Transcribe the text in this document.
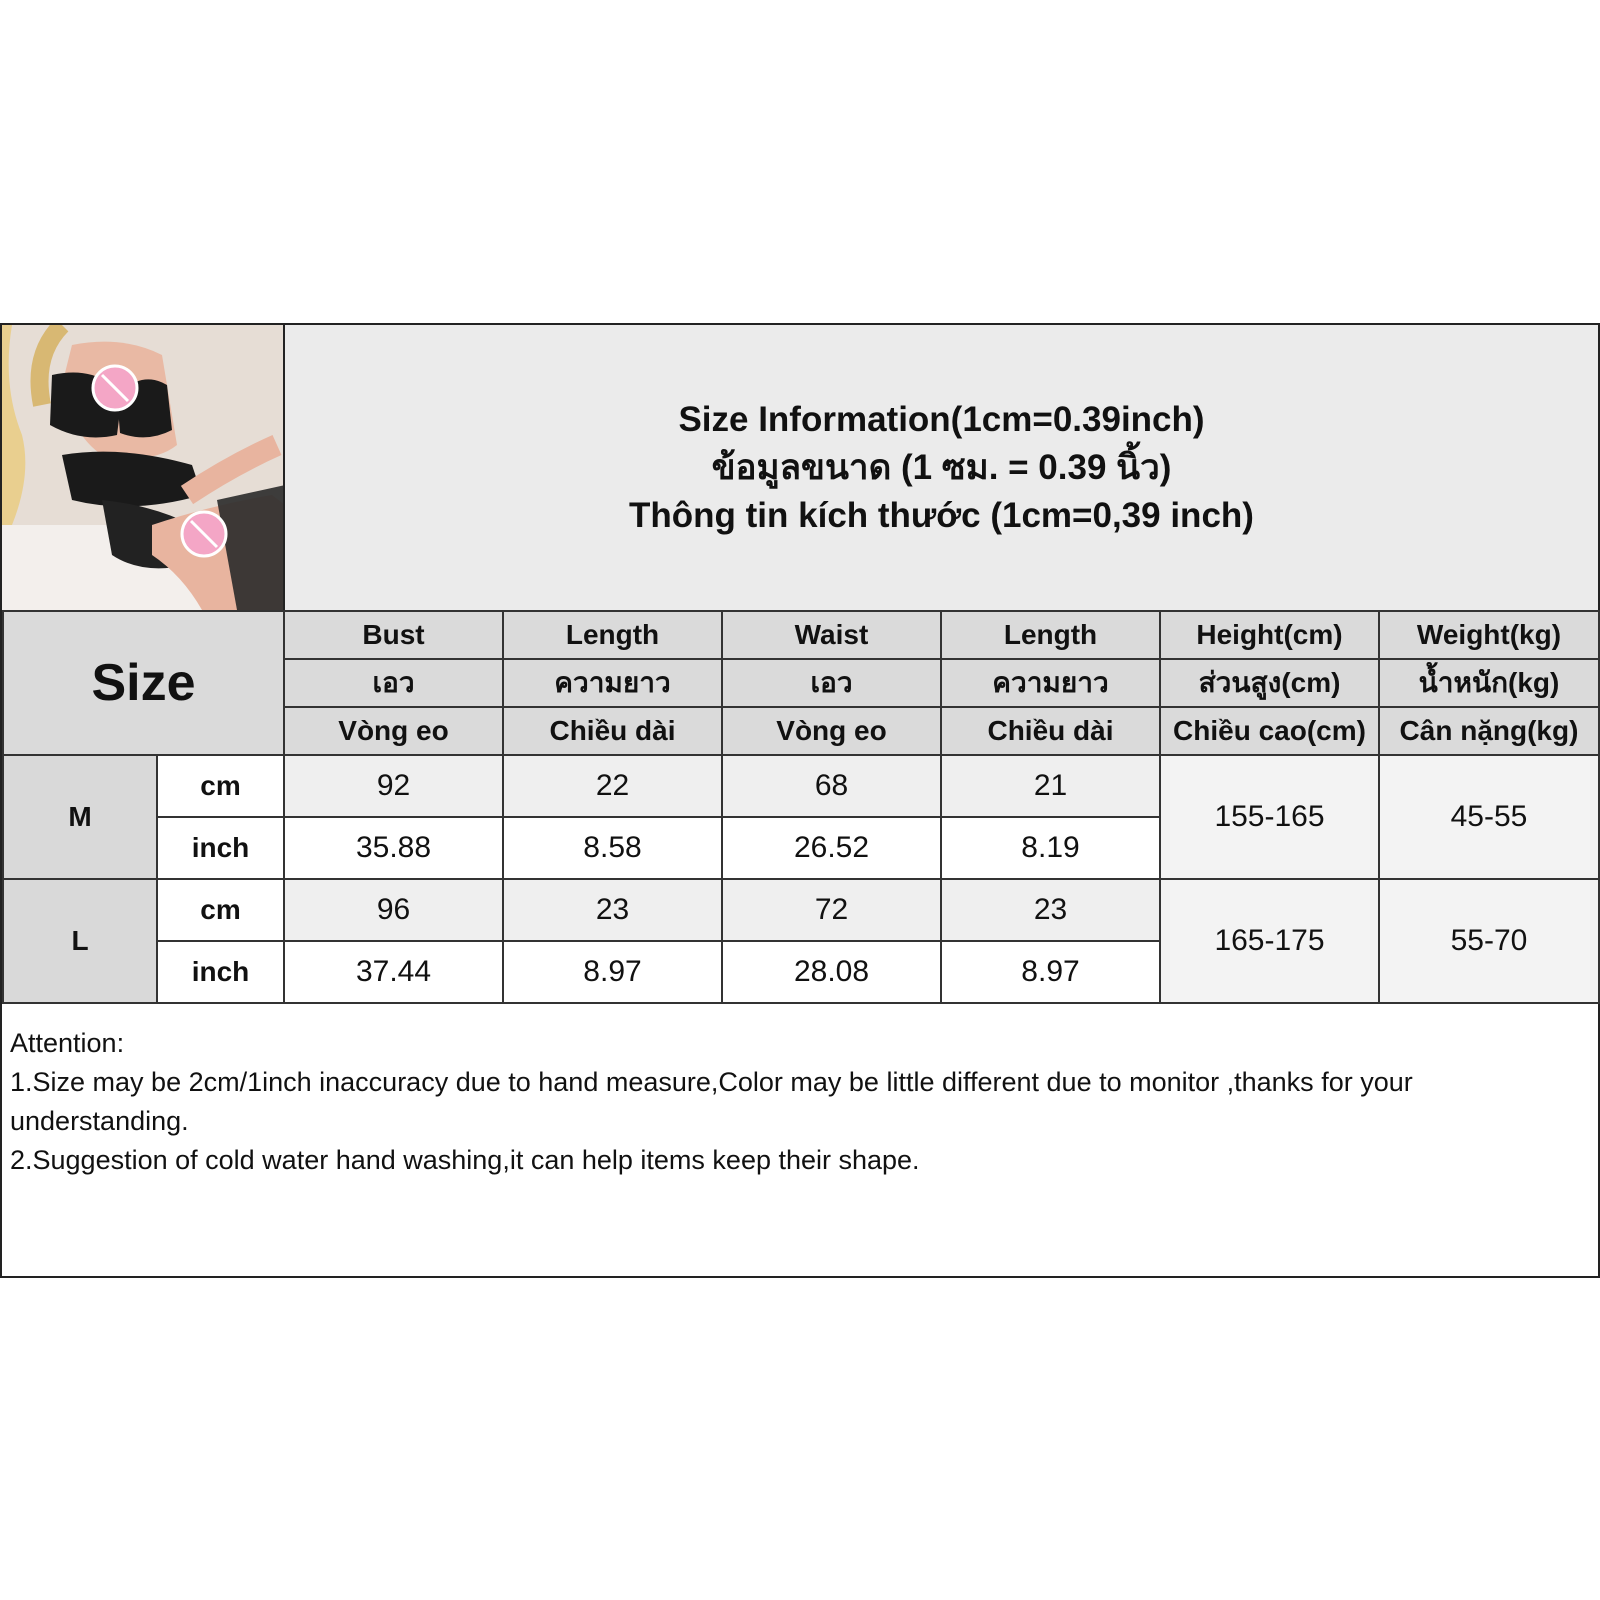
Size Information(1cm=0.39inch)
ข้อมูลขนาด (1 ซม. = 0.39 นิ้ว)
Thông tin kích thước (1cm=0,39 inch)
Size		Bust	Length	Waist	Length	Height(cm)	Weight(kg)
		เอว	ความยาว	เอว	ความยาว	ส่วนสูง(cm)	น้ำหนัก(kg)
		Vòng eo	Chiều dài	Vòng eo	Chiều dài	Chiều cao(cm)	Cân nặng(kg)
M	cm	92	22	68	21	155-165	45-55
	inch	35.88	8.58	26.52	8.19		
L	cm	96	23	72	23	165-175	55-70
	inch	37.44	8.97	28.08	8.97		
Attention:
1.Size may be 2cm/1inch inaccuracy due to hand measure,Color may be little different due to monitor ,thanks for your understanding.
2.Suggestion of cold water hand washing,it can help items keep their shape.
